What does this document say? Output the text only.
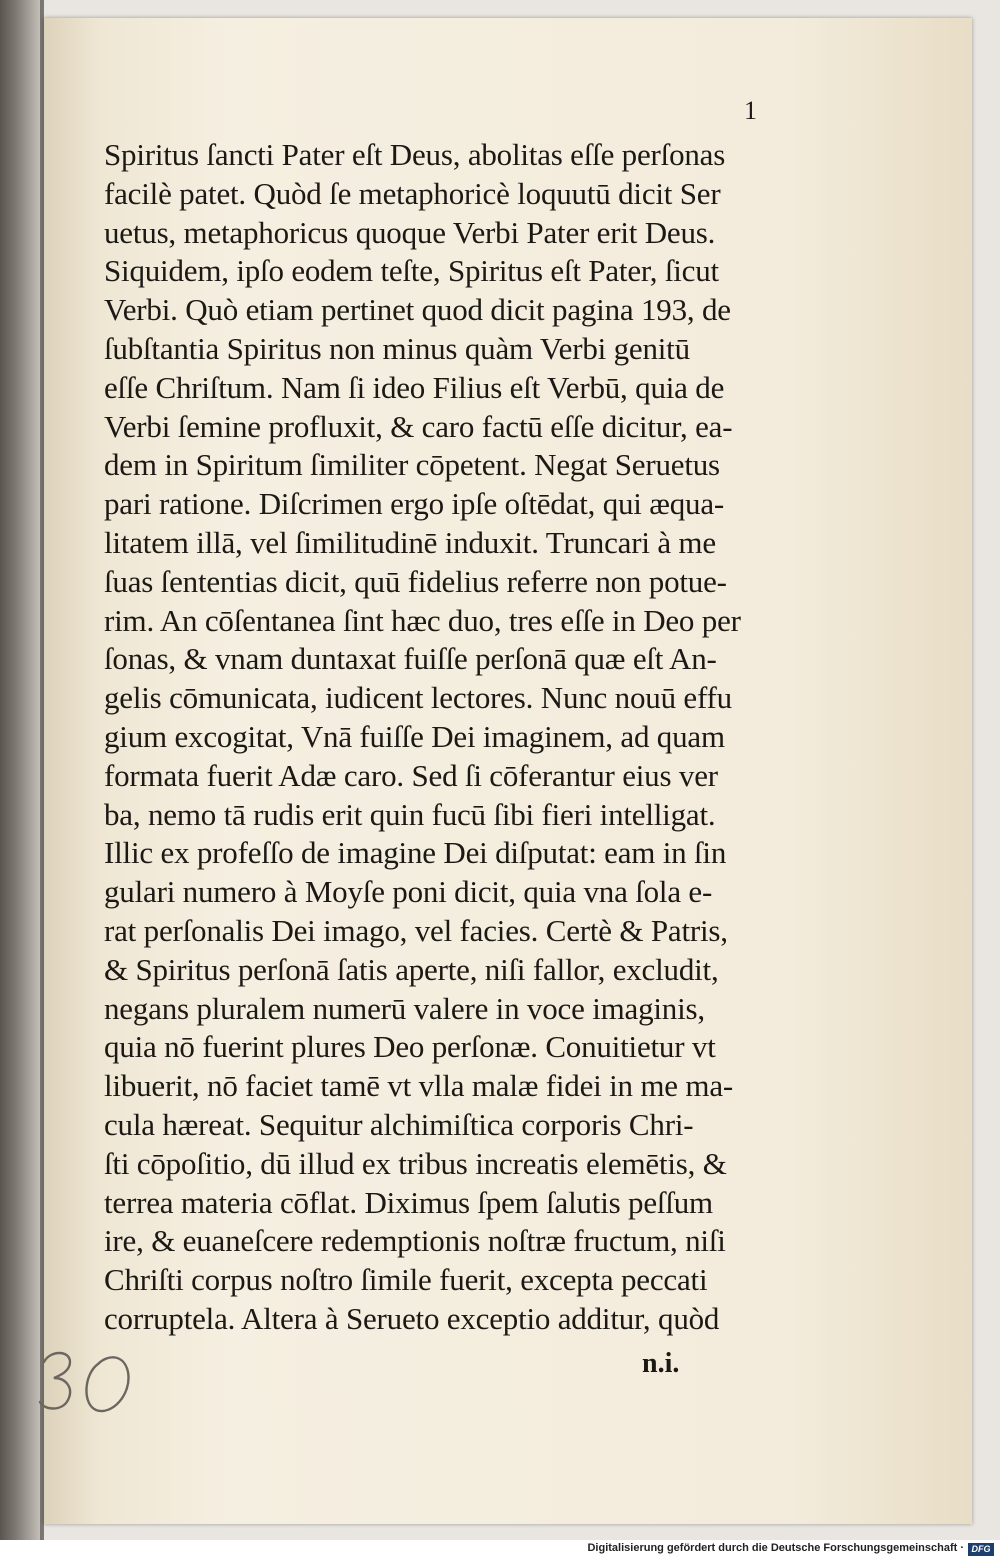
1

Spiritus ſancti Pater eſt Deus, abolitas eſſe perſonas
facilè patet. Quòd ſe metaphoricè loquutū dicit Ser
uetus, metaphoricus quoque Verbi Pater erit Deus.
Siquidem, ipſo eodem teſte, Spiritus eſt Pater, ſicut
Verbi. Quò etiam pertinet quod dicit pagina 193, de
ſubſtantia Spiritus non minus quàm Verbi genitū
eſſe Chriſtum. Nam ſi ideo Filius eſt Verbū, quia de
Verbi ſemine profluxit, & caro factū eſſe dicitur, ea-
dem in Spiritum ſimiliter cōpetent. Negat Seruetus
pari ratione. Diſcrimen ergo ipſe oſtēdat, qui æqua-
litatem illā, vel ſimilitudinē induxit. Truncari à me
ſuas ſententias dicit, quū fidelius referre non potue-
rim. An cōſentanea ſint hæc duo, tres eſſe in Deo per
ſonas, & vnam duntaxat fuiſſe perſonā quæ eſt An-
gelis cōmunicata, iudicent lectores. Nunc nouū effu
gium excogitat, Vnā fuiſſe Dei imaginem, ad quam
formata fuerit Adæ caro. Sed ſi cōferantur eius ver
ba, nemo tā rudis erit quin fucū ſibi fieri intelligat.
Illic ex profeſſo de imagine Dei diſputat: eam in ſin
gulari numero à Moyſe poni dicit, quia vna ſola e-
rat perſonalis Dei imago, vel facies. Certè & Patris,
& Spiritus perſonā ſatis aperte, niſi fallor, excludit,
negans pluralem numerū valere in voce imaginis,
quia nō fuerint plures Deo perſonæ. Conuitietur vt
libuerit, nō faciet tamē vt vlla malæ fidei in me ma-
cula hæreat. Sequitur alchimiſtica corporis Chri-
ſti cōpoſitio, dū illud ex tribus increatis elemētis, &
terrea materia cōflat. Diximus ſpem ſalutis peſſum
ire, & euaneſcere redemptionis noſtræ fructum, niſi
Chriſti corpus noſtro ſimile fuerit, excepta peccati
corruptela. Altera à Serueto exceptio additur, quòd

n.i.

Digitalisierung gefördert durch die Deutsche Forschungsgemeinschaft · DFG
